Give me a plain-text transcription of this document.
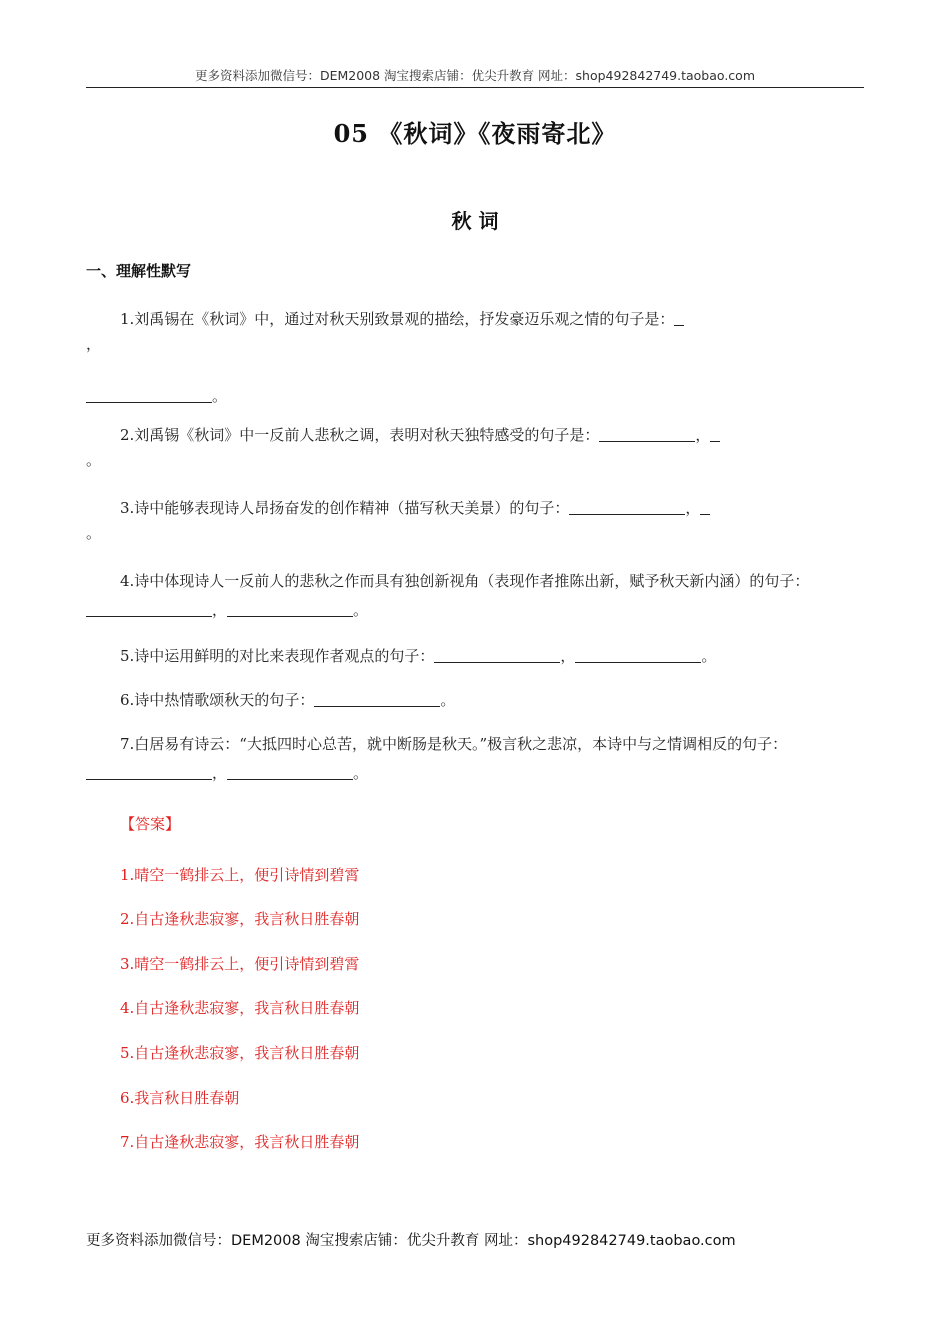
更多资料添加微信号：DEM2008 淘宝搜索店铺：优尖升教育 网址：shop492842749.taobao.com
05 《秋词》《夜雨寄北》
秋 词
一、理解性默写
1.刘禹锡在《秋词》中，通过对秋天别致景观的描绘，抒发豪迈乐观之情的句子是：
，
。
2.刘禹锡《秋词》中一反前人悲秋之调，表明对秋天独特感受的句子是：	，
。
3.诗中能够表现诗人昂扬奋发的创作精神（描写秋天美景）的句子：	，
。
4.诗中体现诗人一反前人的悲秋之作而具有独创新视角（表现作者推陈出新，赋予秋天新内涵）的句子：，	。
5.诗中运用鲜明的对比来表现作者观点的句子：	，	。
6.诗中热情歌颂秋天的句子：	。
7.白居易有诗云：“大抵四时心总苦，就中断肠是秋天。”极言秋之悲凉，本诗中与之情调相反的句子：，	。
【答案】
1.晴空一鹤排云上，便引诗情到碧霄
2.自古逢秋悲寂寥，我言秋日胜春朝
3.晴空一鹤排云上，便引诗情到碧霄
4.自古逢秋悲寂寥，我言秋日胜春朝
5.自古逢秋悲寂寥，我言秋日胜春朝
6.我言秋日胜春朝
7.自古逢秋悲寂寥，我言秋日胜春朝
更多资料添加微信号：DEM2008 淘宝搜索店铺：优尖升教育 网址：shop492842749.taobao.com
